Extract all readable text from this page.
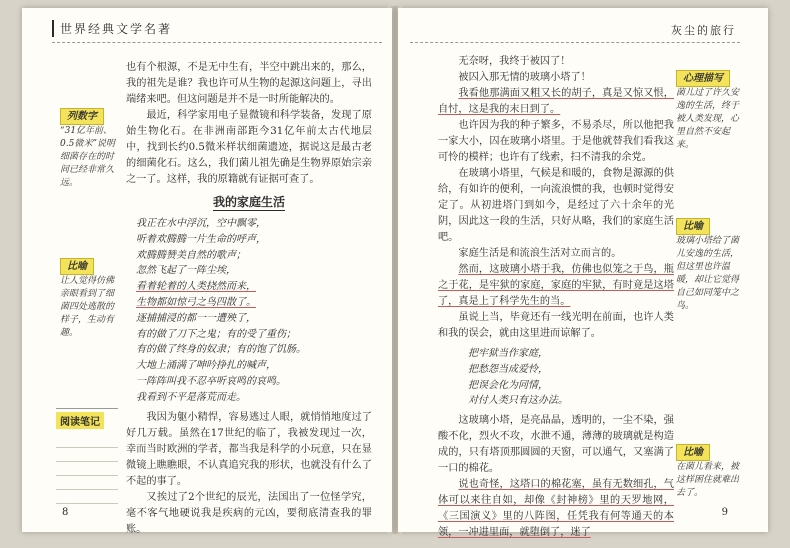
世界经典文学名著
列数字
“31亿年前、0.5微米”说明细菌存在的时间已经非常久远。
比喻
让人觉得仿佛亲眼看到了细菌四处逃散的样子，生动有趣。

也有个根源，不是无中生有，半空中跳出来的，那么，我的祖先是谁？我也许可从生物的起源这问题上，寻出端绪来吧。但这问题是并不是一时所能解决的。

最近，科学家用电子显微镜和科学装备，发现了原始生物化石。在非洲南部距今31亿年前太古代地层中，找到长约0.5微米样状细菌遗迹，据说这是最古老的细菌化石。这么，我们菌儿祖先确是生物界原始宗亲之一了。这样，我的原籍就有证据可查了。

我的家庭生活
我正在水中浮沉，空中飘零，
听着欢腾腾一片生命的呼声，
欢腾腾赞美自然的歌声；
忽然飞起了一阵尘埃，
看着轮着的人类挠然而来，
生物都如惊弓之鸟四散了。
逐捕捕浸的都一一遭殃了，
有的做了刀下之鬼；有的受了重伤；
有的做了终身的奴隶；有的饱了饥肠。
大地上涌满了呻吟挣扎的喊声，
一阵阵叫我不忍卒听哀鸣的哀鸣。
我看到不平是落荒而走。

我因为躯小精悍，容易逃过人眼，就悄悄地度过了好几万载。虽然在17世纪的临了，我被发现过一次，幸而当时欧洲的学者，都当我是科学的小玩意，只在显微镜上瞧瞧眼，不认真追究我的形状，也就没有什么了不起的事了。

又挨过了2个世纪的辰光，法国出了一位怪学究，毫不客气地硬说我是疾病的元凶，要彻底清查我的罪账。

阅读笔记
8
灰尘的旅行
心理描写
菌儿过了许久安逸的生活，终于被人类发现，心里自然不安起来。
比喻
玻璃小塔给了菌儿安逸的生活，但这里也许温暖，却让它觉得自己如同笼中之鸟。
比喻
在菌儿看来，被这样困住就难出去了。

无奈呀，我终于被囚了！

被囚入那无情的玻璃小塔了！

我看他那满面又粗又长的胡子，真是又惊又恨，自忖，这是我的末日到了。

也许因为我的种子繁多，不易杀尽，所以他把我一家大小，囚在玻璃小塔里。于是他就替我们看我这可怜的模样；也许有了线索，扫不清我的余党。

在玻璃小塔里，气候是和暖的，食物是源源的供给，有如许的便利，一向流浪惯的我，也顿时觉得安定了。从初进塔门到如今，是经过了六十余年的光阴，因此这一段的生活，只好从略，我们的家庭生活吧。

家庭生活是和流浪生活对立而言的。

然而，这玻璃小塔于我，仿佛也似笼之于鸟，瓶之于花，是牢狱的家庭，家庭的牢狱，有时竟是这塔了，真是上了科学先生的当。

虽说上当，毕竟还有一线光明在前面，也许人类和我的误会，就由这里进而谅解了。

把牢狱当作家庭，
把愁怨当成爱怜，
把误会化为同情，
对付人类只有这办法。

这玻璃小塔，是亮晶晶，透明的，一尘不染，强酸不化，烈火不攻，水泄不通，薄薄的玻璃就是构造成的，只有塔顶那圆圆的天窗，可以通气，又塞满了一口的棉花。

说也奇怪，这塔口的棉花塞，虽有无数细孔，气体可以来往自如，却像《封神榜》里的天罗地网，《三国演义》里的八阵图，任凭我有何等通天的本领，一冲进里面，就堕倒了，迷了

9
